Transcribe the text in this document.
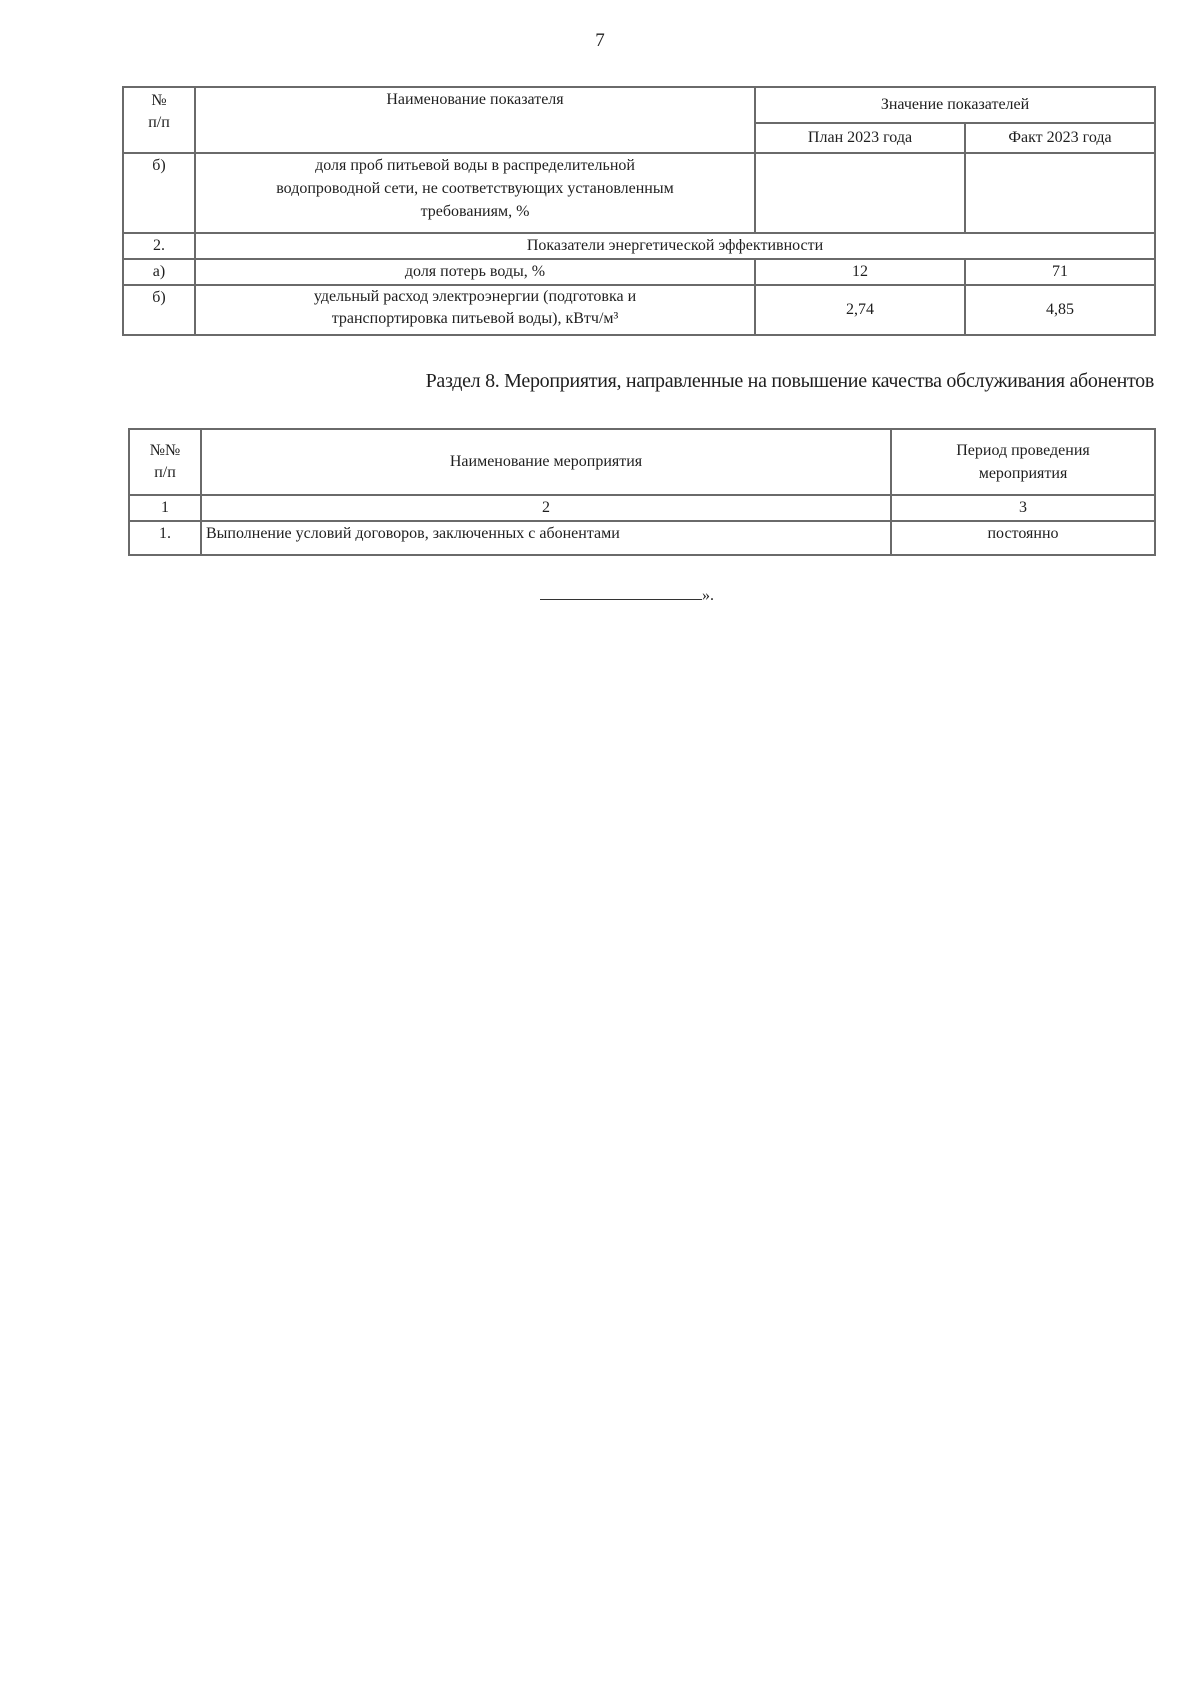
7
№
п/п	Наименование показателя	Значение показателей	
		План 2023 года	Факт 2023 года
б)	доля проб питьевой воды в распределительной
водопроводной сети, не соответствующих установленным
требованиям, %		
2.	Показатели энергетической эффективности		
а)	доля потерь воды, %	12	71
б)	удельный расход электроэнергии (подготовка и
транспортировка питьевой воды), кВтч/м³	2,74	4,85
Раздел 8. Мероприятия, направленные на повышение качества обслуживания абонентов
№№
п/п	Наименование мероприятия	Период проведения
мероприятия
1	2	3
1.	Выполнение условий договоров, заключенных с абонентами	постоянно
».
